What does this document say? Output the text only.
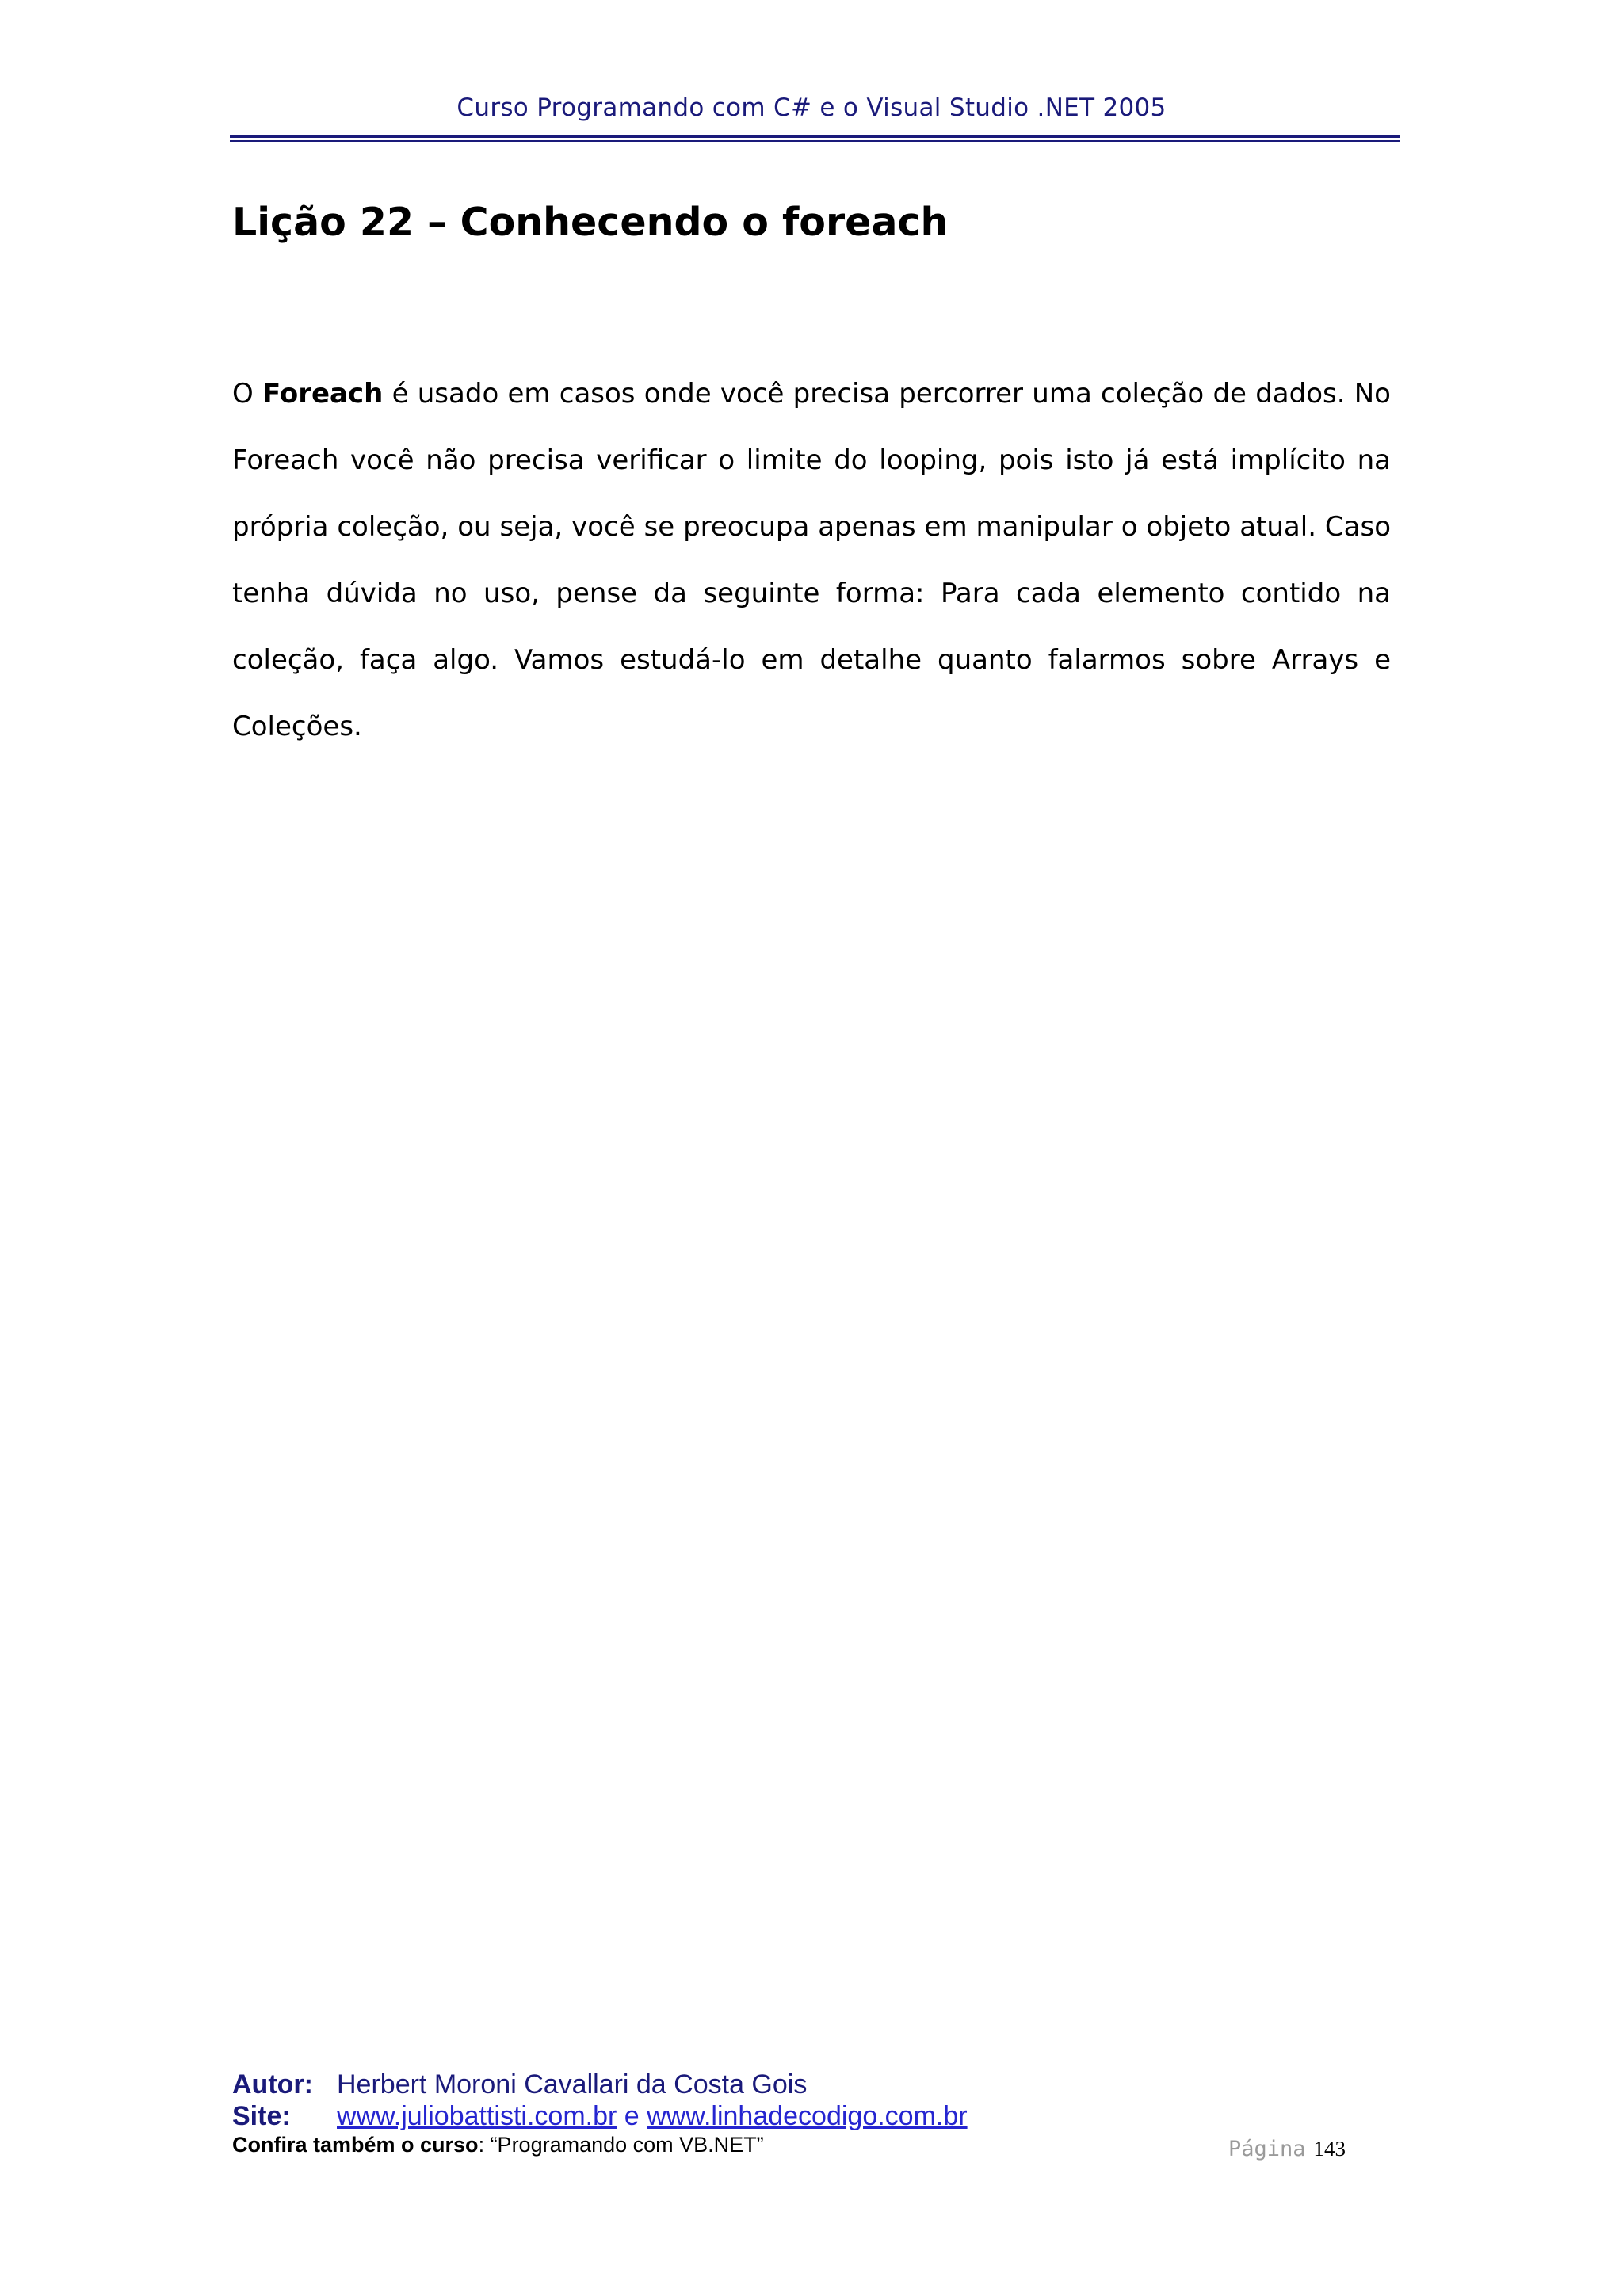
Curso Programando com C# e o Visual Studio .NET 2005
Lição 22 – Conhecendo o foreach

O Foreach é usado em casos onde você precisa percorrer uma coleção de dados. No Foreach você não precisa verificar o limite do looping, pois isto já está implícito na própria coleção, ou seja, você se preocupa apenas em manipular o objeto atual. Caso tenha dúvida no uso, pense da seguinte forma: Para cada elemento contido na coleção, faça algo. Vamos estudá-lo em detalhe quanto falarmos sobre Arrays e Coleções.

Autor: Herbert Moroni Cavallari da Costa Gois
Site: www.juliobattisti.com.br e www.linhadecodigo.com.br
Confira também o curso: “Programando com VB.NET”	Página 143
